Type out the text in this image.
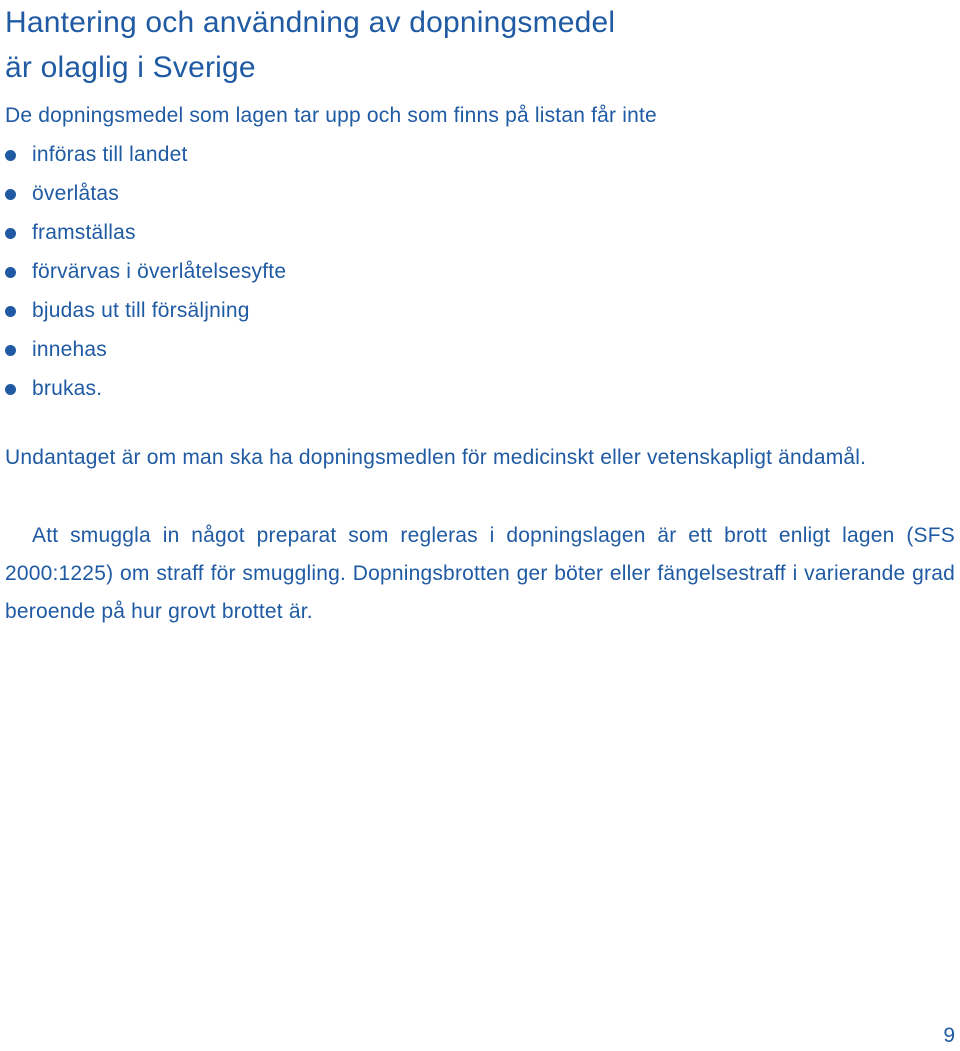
Hantering och användning av dopningsmedel
är olaglig i Sverige

De dopningsmedel som lagen tar upp och som finns på listan får inte

införas till landet
överlåtas
framställas
förvärvas i överlåtelsesyfte
bjudas ut till försäljning
innehas
brukas.

Undantaget är om man ska ha dopningsmedlen för medicinskt eller vetenskapligt ändamål.

Att smuggla in något preparat som regleras i dopningslagen är ett brott enligt lagen (SFS 2000:1225) om straff för smuggling. Dopningsbrotten ger böter eller fängelsestraff i varierande grad beroende på hur grovt brottet är.

9
